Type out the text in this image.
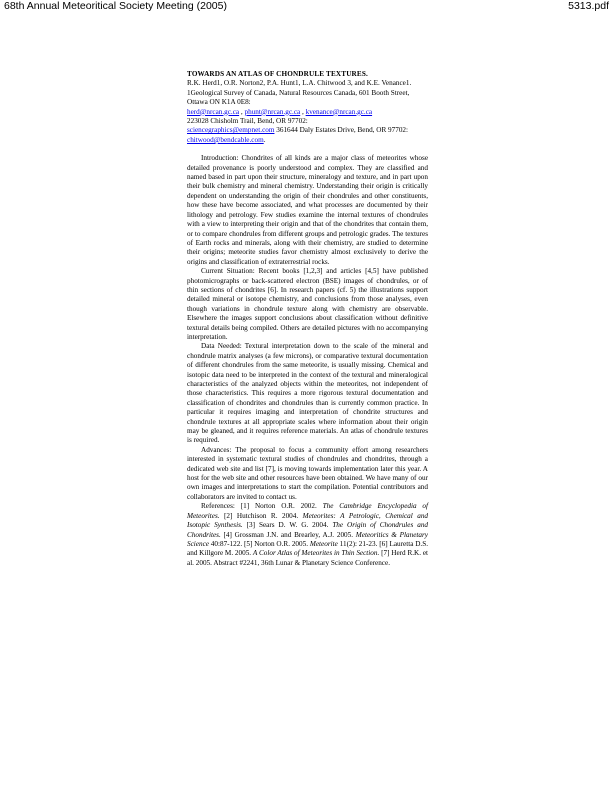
68th Annual Meteoritical Society Meeting (2005)	5313.pdf
TOWARDS AN ATLAS OF CHONDRULE TEXTURES.
R.K. Herd1, O.R. Norton2, P.A. Hunt1, L.A. Chitwood 3, and K.E. Venance1. 1Geological Survey of Canada, Natural Resources Canada, 601 Booth Street, Ottawa ON K1A 0E8:
herd@nrcan.gc.ca , phunt@nrcan.gc.ca , kvenance@nrcan.gc.ca
223028 Chisholm Trail, Bend, OR 97702:
sciencegraphics@empnet.com 361644 Daly Estates Drive, Bend, OR 97702: chitwood@bendcable.com.

Introduction: Chondrites of all kinds are a major class of meteorites whose detailed provenance is poorly understood and complex. They are classified and named based in part upon their structure, mineralogy and texture, and in part upon their bulk chemistry and mineral chemistry. Understanding their origin is critically dependent on understanding the origin of their chondrules and other constituents, how these have become associated, and what processes are documented by their lithology and petrology. Few studies examine the internal textures of chondrules with a view to interpreting their origin and that of the chondrites that contain them, or to compare chondrules from different groups and petrologic grades. The textures of Earth rocks and minerals, along with their chemistry, are studied to determine their origins; meteorite studies favor chemistry almost exclusively to derive the origins and classification of extraterrestrial rocks.

Current Situation: Recent books [1,2,3] and articles [4,5] have published photomicrographs or back-scattered electron (BSE) images of chondrules, or of thin sections of chondrites [6]. In research papers (cf. 5) the illustrations support detailed mineral or isotope chemistry, and conclusions from those analyses, even though variations in chondrule texture along with chemistry are observable. Elsewhere the images support conclusions about classification without definitive textural details being compiled. Others are detailed pictures with no accompanying interpretation.

Data Needed: Textural interpretation down to the scale of the mineral and chondrule matrix analyses (a few microns), or comparative textural documentation of different chondrules from the same meteorite, is usually missing. Chemical and isotopic data need to be interpreted in the context of the textural and mineralogical characteristics of the analyzed objects within the meteorites, not independent of those characteristics. This requires a more rigorous textural documentation and classification of chondrites and chondrules than is currently common practice. In particular it requires imaging and interpretation of chondrite structures and chondrule textures at all appropriate scales where information about their origin may be gleaned, and it requires reference materials. An atlas of chondrule textures is required.

Advances: The proposal to focus a community effort among researchers interested in systematic textural studies of chondrules and chondrites, through a dedicated web site and list [7], is moving towards implementation later this year. A host for the web site and other resources have been obtained. We have many of our own images and interpretations to start the compilation. Potential contributors and collaborators are invited to contact us.

References: [1] Norton O.R. 2002. The Cambridge Encyclopedia of Meteorites. [2] Hutchison R. 2004. Meteorites: A Petrologic, Chemical and Isotopic Synthesis. [3] Sears D. W. G. 2004. The Origin of Chondrules and Chondrites. [4] Grossman J.N. and Brearley, A.J. 2005. Meteoritics & Planetary Science 40:87-122. [5] Norton O.R. 2005. Meteorite 11(2): 21-23. [6] Lauretta D.S. and Killgore M. 2005. A Color Atlas of Meteorites in Thin Section. [7] Herd R.K. et al. 2005. Abstract #2241, 36th Lunar & Planetary Science Conference.
